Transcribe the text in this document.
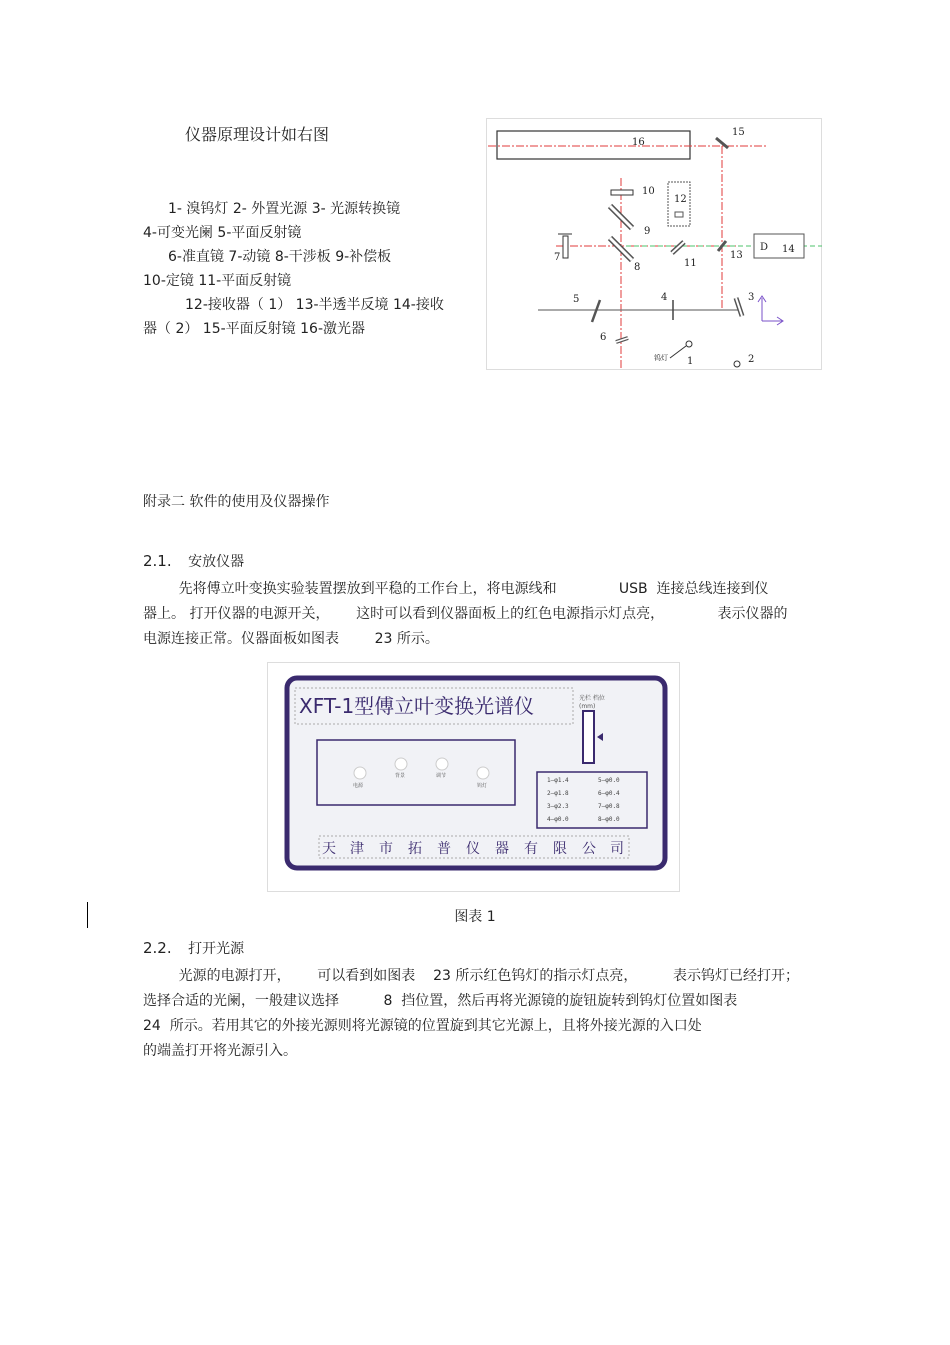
仪器原理设计如右图
1- 溴钨灯 2- 外置光源 3- 光源转换镜
4-可变光阑 5-平面反射镜
6-准直镜 7-动镜 8-干涉板 9-补偿板
10-定镜 11-平面反射镜
12-接收器（ 1） 13-半透半反境 14-接收
器（ 2） 15-平面反射镜 16-激光器
16
15
10
12
9
7
8	11
13
D 14
5	4	3
6
1	2
钨灯
附录二 软件的使用及仪器操作
2.1. 安放仪器
先将傅立叶变换实验装置摆放到平稳的工作台上，将电源线和              USB  连接总线连接到仪
器上。 打开仪器的电源开关，      这时可以看到仪器面板上的红色电源指示灯点亮，            表示仪器的
电源连接正常。仪器面板如图表        23 所示。
XFT-1型傅立叶变换光谱仪	光栏 档位
(mm)
电源
背景	调节
钨灯
1—φ1.4	5—φ0.0
2—φ1.8	6—φ0.4
3—φ2.3	7—φ0.8
4—φ0.0	8—φ0.0
天 津 市 拓 普 仪 器 有 限 公 司
图表 1
2.2. 打开光源
光源的电源打开，      可以看到如图表    23 所示红色钨灯的指示灯点亮，        表示钨灯已经打开；
选择合适的光阑，一般建议选择          8  挡位置，然后再将光源镜的旋钮旋转到钨灯位置如图表
24  所示。若用其它的外接光源则将光源镜的位置旋到其它光源上，且将外接光源的入口处
的端盖打开将光源引入。
